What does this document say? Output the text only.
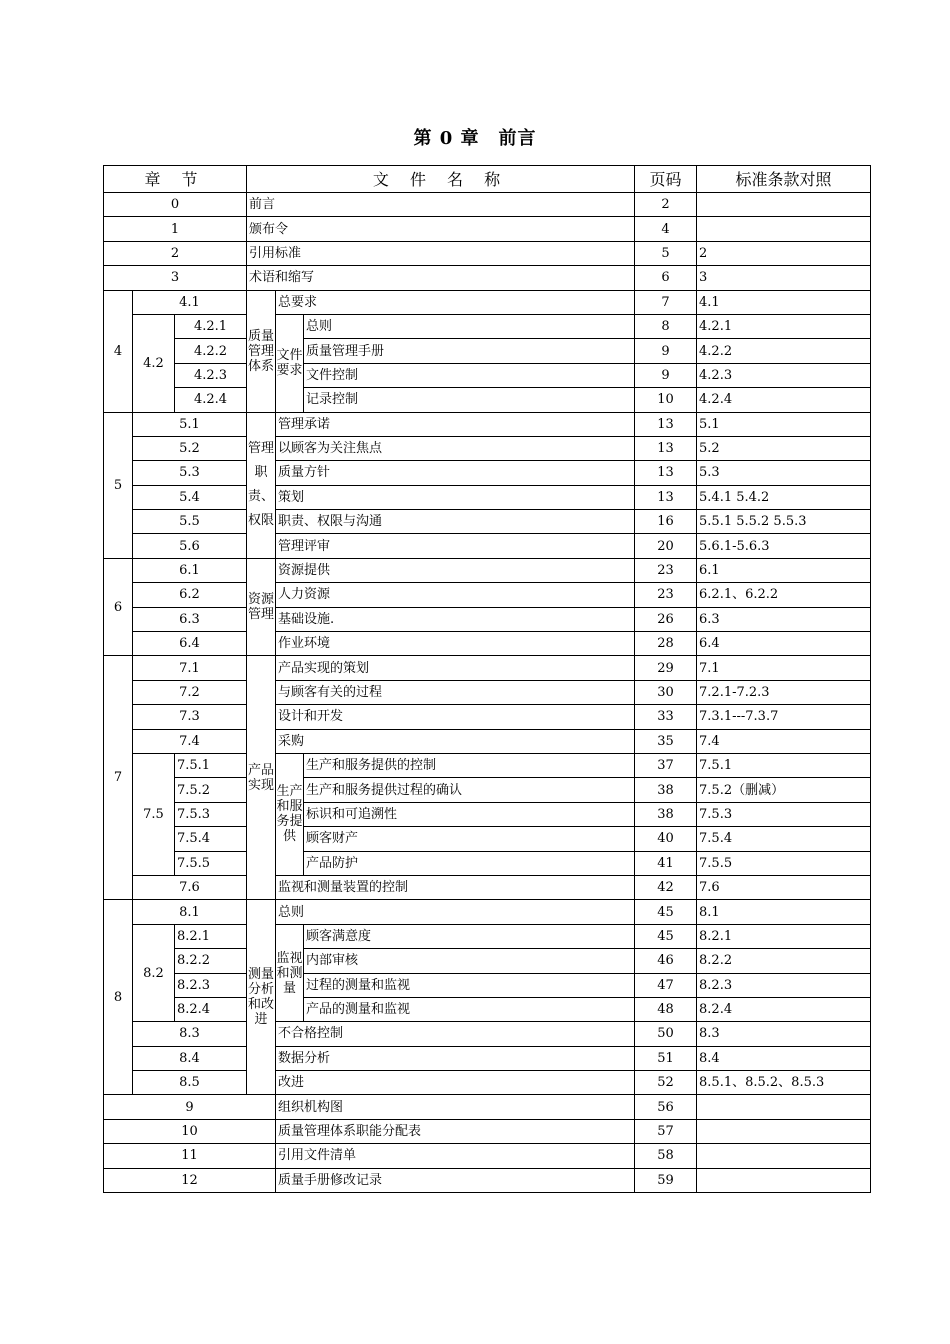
第 0 章　前言
章 节			文 件 名 称			页码	标准条款对照
0			前言			2	
1			颁布令			4	
2			引用标准			5	2
3			术语和缩写			6	3
4	4.1		质量管理体系	总要求		7	4.1
	4.2	4.2.1		文件要求	总则	8	4.2.1
		4.2.2			质量管理手册	9	4.2.2
		4.2.3			文件控制	9	4.2.3
		4.2.4			记录控制	10	4.2.4
5	5.1		管理职责、权限	管理承诺		13	5.1
	5.2			以顾客为关注焦点		13	5.2
	5.3			质量方针		13	5.3
	5.4			策划		13	5.4.1 5.4.2
	5.5			职责、权限与沟通		16	5.5.1 5.5.2 5.5.3
	5.6			管理评审		20	5.6.1-5.6.3
6	6.1		资源管理	资源提供		23	6.1
	6.2			人力资源		23	6.2.1、6.2.2
	6.3			基础设施.		26	6.3
	6.4			作业环境		28	6.4
7	7.1		产品实现	产品实现的策划		29	7.1
	7.2			与顾客有关的过程		30	7.2.1-7.2.3
	7.3			设计和开发		33	7.3.1---7.3.7
	7.4			采购		35	7.4
	7.5	7.5.1		生产和服务提供	生产和服务提供的控制	37	7.5.1
		7.5.2			生产和服务提供过程的确认	38	7.5.2（删减）
		7.5.3			标识和可追溯性	38	7.5.3
		7.5.4			顾客财产	40	7.5.4
		7.5.5			产品防护	41	7.5.5
	7.6			监视和测量装置的控制		42	7.6
8	8.1		测量分析和改进	总则		45	8.1
	8.2	8.2.1		监视和测量	顾客满意度	45	8.2.1
		8.2.2			内部审核	46	8.2.2
		8.2.3			过程的测量和监视	47	8.2.3
		8.2.4			产品的测量和监视	48	8.2.4
	8.3			不合格控制		50	8.3
	8.4			数据分析		51	8.4
	8.5			改进		52	8.5.1、8.5.2、8.5.3
9				组织机构图		56	
10				质量管理体系职能分配表		57	
11				引用文件清单		58	
12				质量手册修改记录		59	
